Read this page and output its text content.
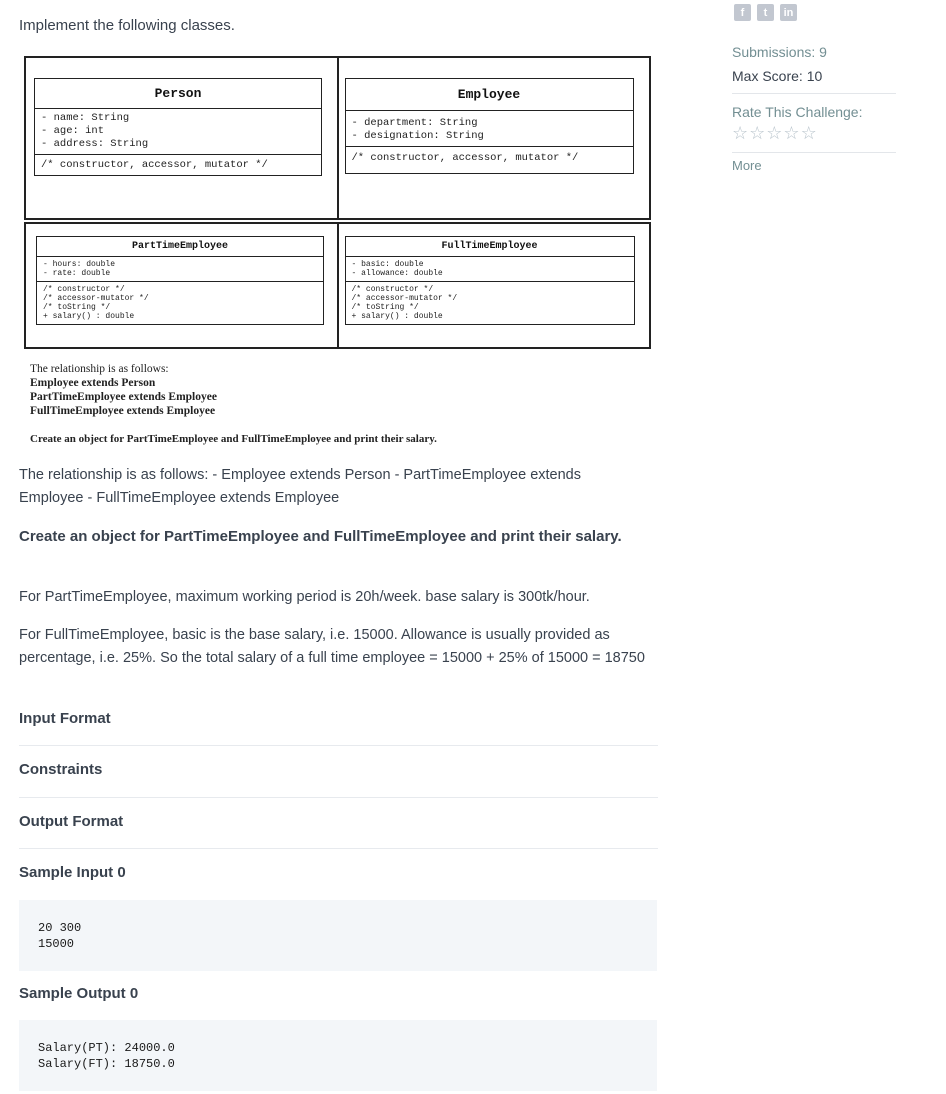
Implement the following classes.
f	t	in
Submissions: 9
Max Score: 10
Rate This Challenge:
☆ ☆ ☆ ☆ ☆
More
Person
- name: String
- age: int
- address: String
/* constructor, accessor, mutator */
Employee
- department: String
- designation: String
/* constructor, accessor, mutator */
PartTimeEmployee
- hours: double
- rate: double
/* constructor */
/* accessor-mutator */
/* toString */
+ salary() : double
FullTimeEmployee
- basic: double
- allowance: double
/* constructor */
/* accessor-mutator */
/* toString */
+ salary() : double
The relationship is as follows:
Employee extends Person
PartTimeEmployee extends Employee
FullTimeEmployee extends Employee
Create an object for PartTimeEmployee and FullTimeEmployee and print their salary.
The relationship is as follows: - Employee extends Person - PartTimeEmployee extends Employee - FullTimeEmployee extends Employee
Create an object for PartTimeEmployee and FullTimeEmployee and print their salary.
For PartTimeEmployee, maximum working period is 20h/week. base salary is 300tk/hour.
For FullTimeEmployee, basic is the base salary, i.e. 15000. Allowance is usually provided as percentage, i.e. 25%. So the total salary of a full time employee = 15000 + 25% of 15000 = 18750
Input Format
Constraints
Output Format
Sample Input 0
20 300
15000
Sample Output 0
Salary(PT): 24000.0
Salary(FT): 18750.0
